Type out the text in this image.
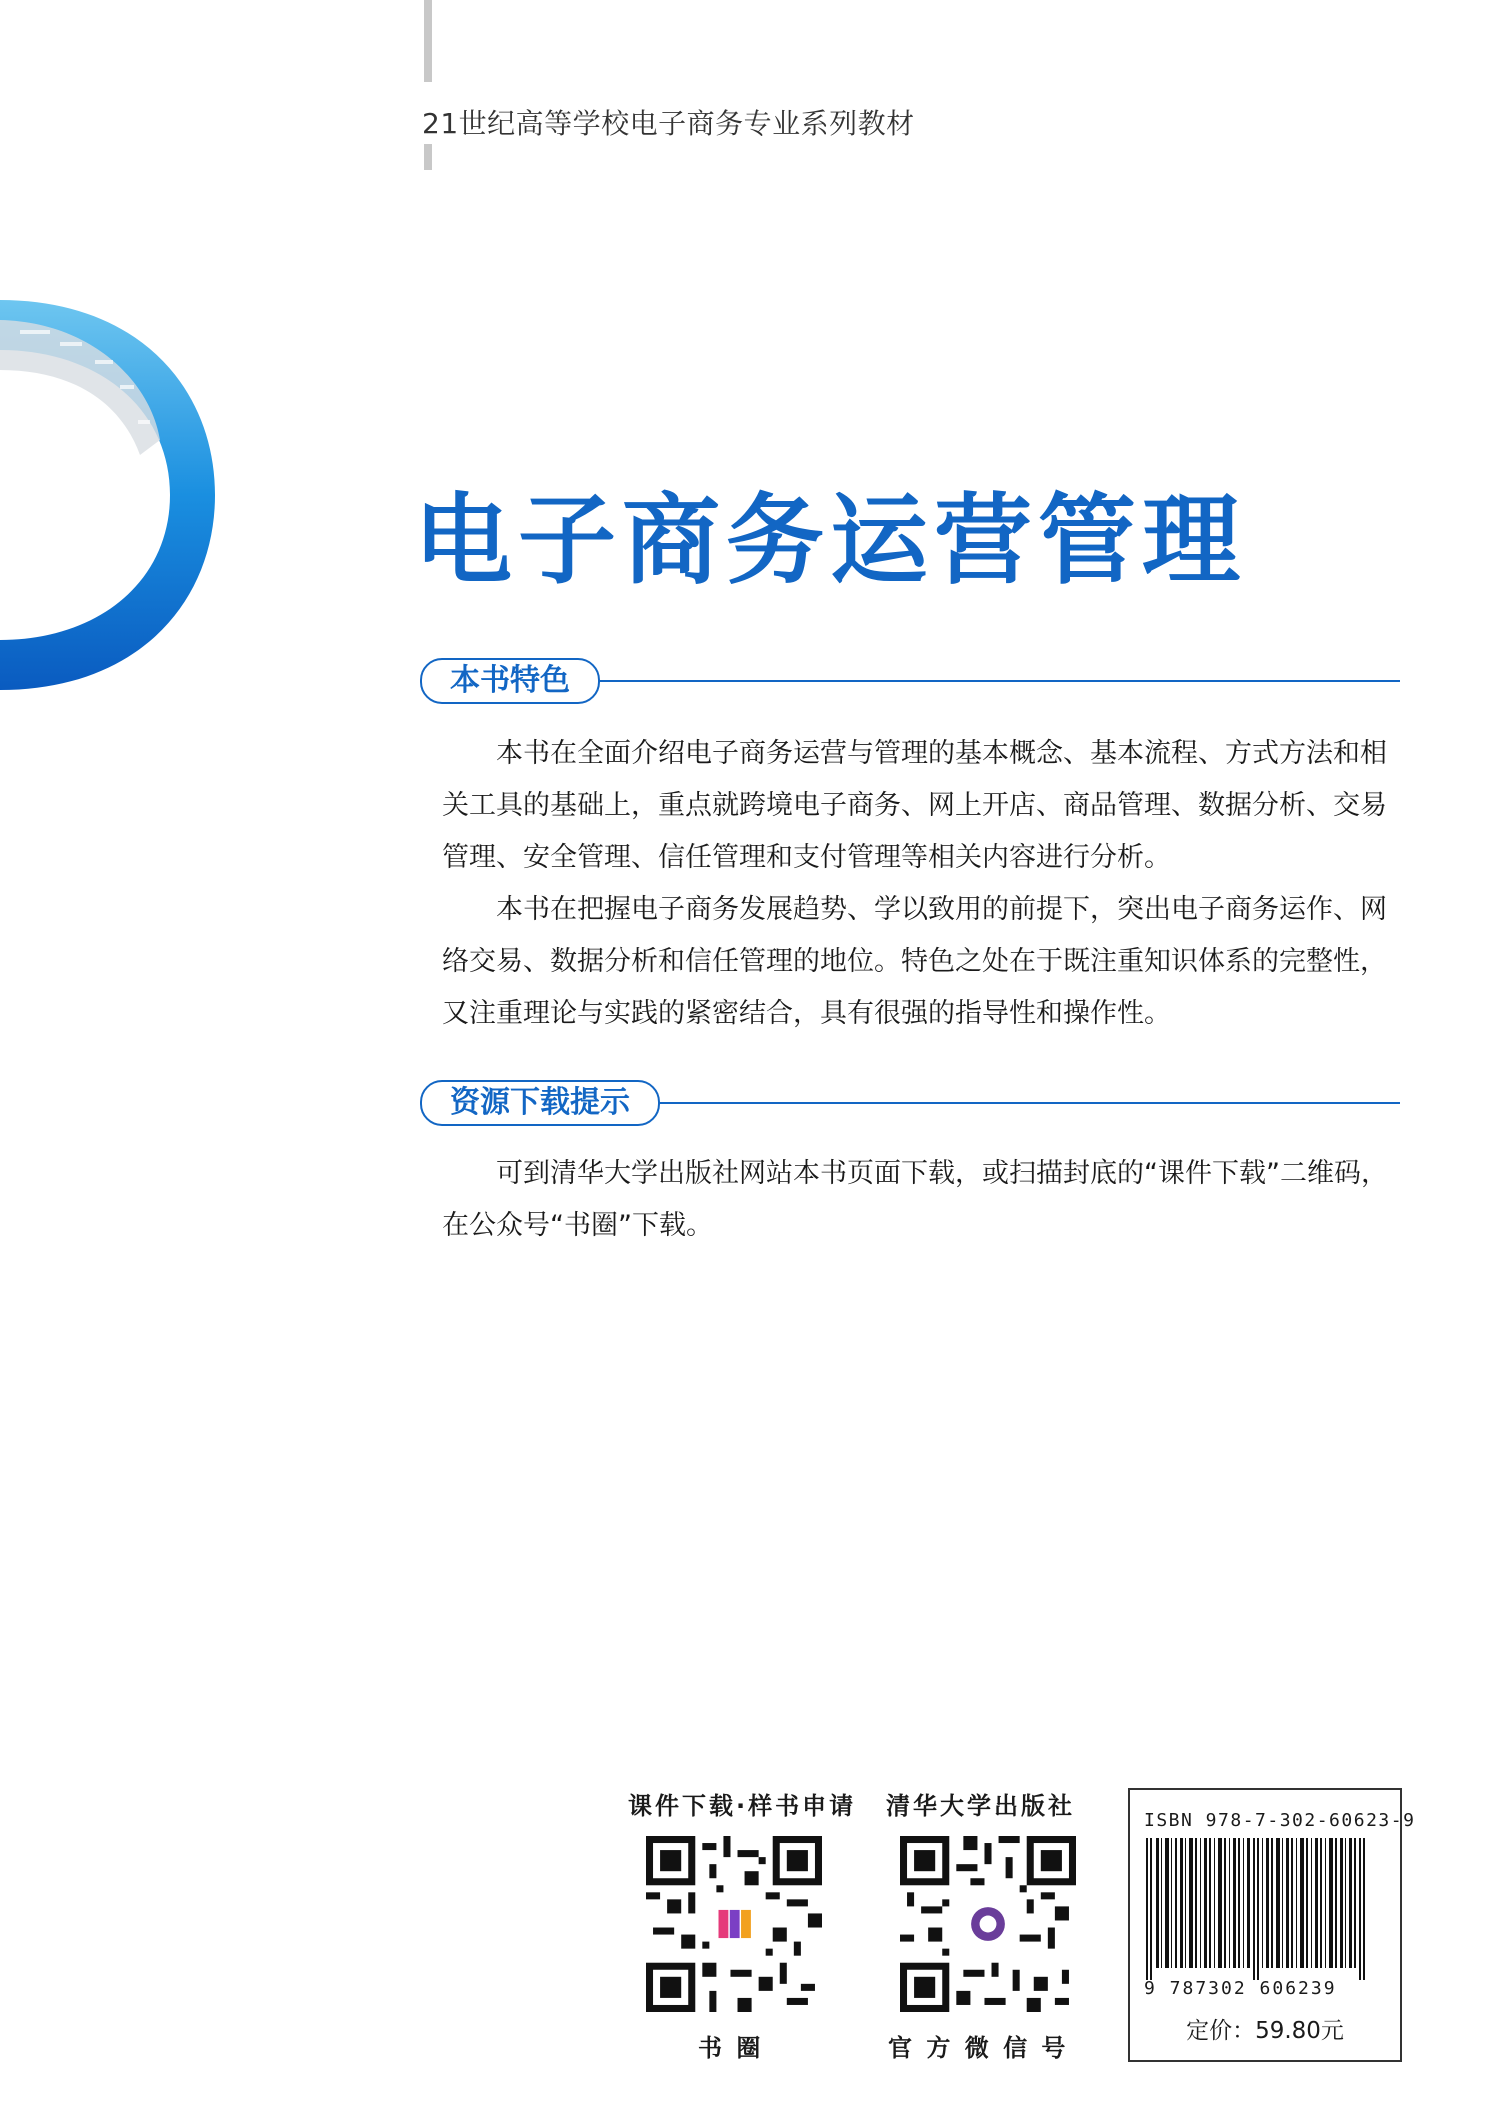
21世纪高等学校电子商务专业系列教材
电子商务运营管理
本书特色
本书在全面介绍电子商务运营与管理的基本概念、基本流程、方式方法和相关工具的基础上，重点就跨境电子商务、网上开店、商品管理、数据分析、交易管理、安全管理、信任管理和支付管理等相关内容进行分析。
本书在把握电子商务发展趋势、学以致用的前提下，突出电子商务运作、网络交易、数据分析和信任管理的地位。特色之处在于既注重知识体系的完整性，又注重理论与实践的紧密结合，具有很强的指导性和操作性。
资源下载提示
可到清华大学出版社网站本书页面下载，或扫描封底的“课件下载”二维码，在公众号“书圈”下载。
课件下载·样书申请
书 圈
清华大学出版社
官 方 微 信 号
ISBN 978-7-302-60623-9
9 787302 606239
定价：59.80元
